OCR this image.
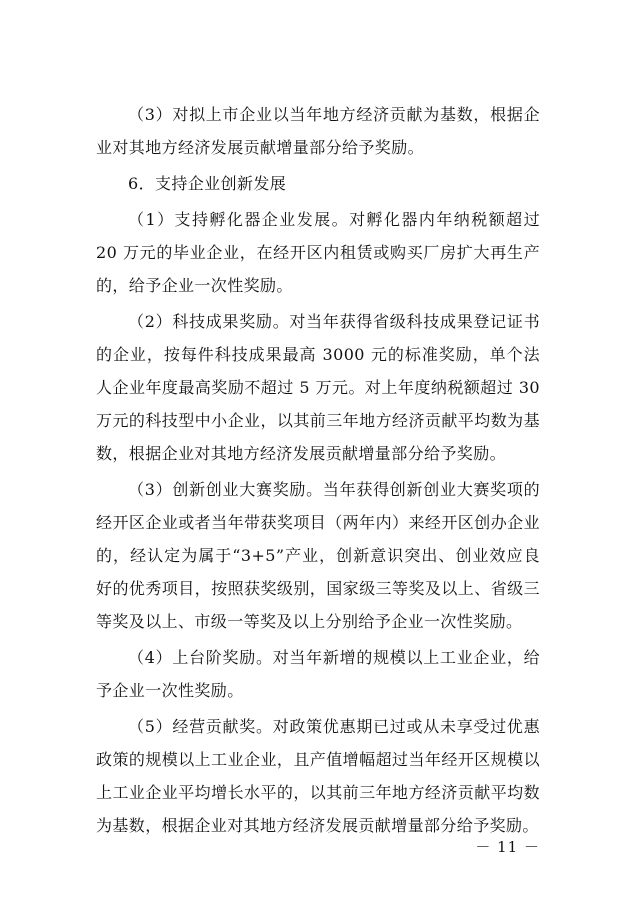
（3）对拟上市企业以当年地方经济贡献为基数，根据企业对其地方经济发展贡献增量部分给予奖励。

6．支持企业创新发展

（1）支持孵化器企业发展。对孵化器内年纳税额超过 20 万元的毕业企业，在经开区内租赁或购买厂房扩大再生产的，给予企业一次性奖励。

（2）科技成果奖励。对当年获得省级科技成果登记证书的企业，按每件科技成果最高 3000 元的标准奖励，单个法人企业年度最高奖励不超过 5 万元。对上年度纳税额超过 30 万元的科技型中小企业，以其前三年地方经济贡献平均数为基数，根据企业对其地方经济发展贡献增量部分给予奖励。

（3）创新创业大赛奖励。当年获得创新创业大赛奖项的经开区企业或者当年带获奖项目（两年内）来经开区创办企业的，经认定为属于“3+5”产业，创新意识突出、创业效应良好的优秀项目，按照获奖级别，国家级三等奖及以上、省级三等奖及以上、市级一等奖及以上分别给予企业一次性奖励。

（4）上台阶奖励。对当年新增的规模以上工业企业，给予企业一次性奖励。

（5）经营贡献奖。对政策优惠期已过或从未享受过优惠政策的规模以上工业企业，且产值增幅超过当年经开区规模以上工业企业平均增长水平的，以其前三年地方经济贡献平均数为基数，根据企业对其地方经济发展贡献增量部分给予奖励。

－ 11 －
